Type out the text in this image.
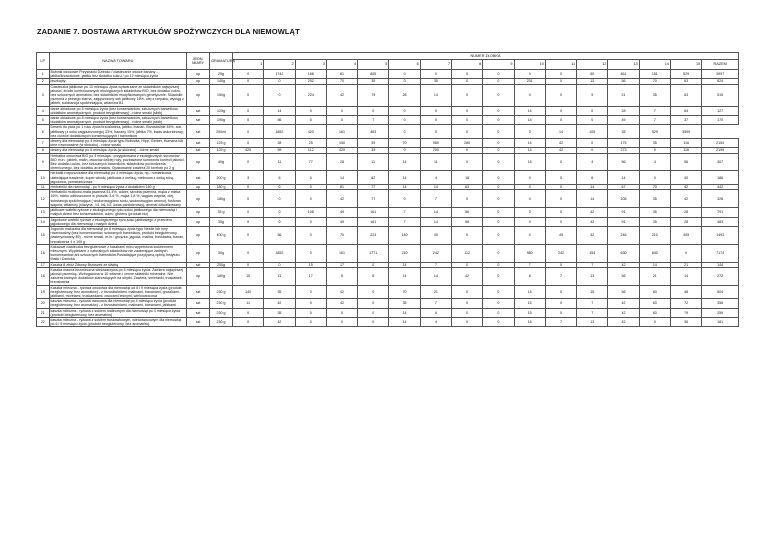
ZADANIE 7. DOSTAWA ARTYKUŁÓW SPOŻYWCZYCH DLA NIEMOWLĄT
LP	NAZWA TOWARU	JEDN. MIARY	GRAMATURA	NUMER ŻŁOBKA															
				1	2	3	4	5	6	7	8	9	10	11	12	13	14	15	RAZEM
1	Bobinki owocowe Przysnacki Dziecko / ciastecznie owoce banany - jabłko/krzaczkowe -jabłko bez dodatku cukru / po 12 miesiącu życia	op	25g	0	1742	168	81	805	0	0	0	0	0	0	60	461	151	529	3997
2	biszkopty	op	140g	0	0	252	70	35	0	35	0	0	231	0	12	56	70	63	824
3	Ciasteczka jabłkowe po 10 miesiącu życia wytwarzane ze składników najwyższej jakości, źródło kontrolowanych ekologicznych składników BIO, bez dodatku cukru, bez sztucznych aromatów, bez składników modyfikowanych genetycznie. Składniki: pszenna z pełnego ziarna, zagęszczony sok jabłkowy 18%, olej z rzepaku, wyciąg z jabłek, substancja spulchniająca, witamina B1	op	150g	0	0	224	42	79	28	14	0	0	0	0	9	21	35	63	515
4	danie obiadowe po 5 miesiącu życia (bez konserwantów, sztucznych barwników, dodatków aromatycznych, produkt bezglutenowy) - różne smaki (słoik)	szt	125g	0	14	0	0	0	0	0	0	0	14	0	0	28	7	64	127
5	danie obiadowe po 8 miesiącu życia (bez konserwantów, sztucznych barwników, dodatków aromatycznych, produkt bezglutenowy) - różne smaki (słoik)	szt	190g	0	56	0	0	7	0	0	0	0	14	0	0	49	7	37	170
6	Deserk do picia po 1 roku życia brzoskwinia, jabłko i banan. Brzoskwinie 45%, sok jabłkowy (z soku zagęszczonego) 33%, banany 15%, jabłka 7%, kwas askorbinowy; bez cukrów dodatkowych konserwujących i barwników	szt	200ml	0	1852	420	161	483	0	0	0	0	0	14	105	35	529	3599	
7	desery dla niemowląt po 4 miesiącu życia typu Bobovita, Hipp, Gerber, Humana lub inne równoważne (w słoiczku) - różne smaki	szt	125 g	0	28	25	150	39	70	980	280	0	14	42	0	175	35	116	2154
8	desery dla niemowląt po 6 miesiącu życia (w słoiczku) - różne smaki	szt	125 g	420	59	112	420	39	0	700	0	0	14	42	0	273	0	116	2195
9	Herbatka owocowa BIO po 4 miesiącu -przygotowana z ekologicznych surowców BIO m.in.: jabłek, malin, owoców dzikiej róży, pozbawione surowców kontroli jakości. Bez dodatku cukru, bez sztucznych barwników, składników pochodzenia chemicznego, bez dodatku aromatów. Opakowanie zawiera 20 torebek po 2 g	op	40g	0	11	77	28	11	14	11	0	0	15	0	4	56	4	56	307
10	herbatki rozpuszczalne dla niemowląt po 4 miesiącu życia, np.: rumiankowa, ułatwiająca trawienie, koper włoski, jabłkowa z melisą, melisowa z dziką różą, jagodowa, pomarańczowa	szt	200 g	3	6	0	14	62	14	4	18	0	0	5	6	14	0	40	186
11	Herbatniki dla niemowląt - po 9 miesiącu życia z dodatkiem 180 g	op	180 g	0	0	0	81	77	14	14	63	0	0	0	14	67	70	42	442
12	Herbatniki mutilowo-mała pszenna 51,4%, cukier, skrobia pszenna, mąka z mleka 16%, mleko odtłuszczone w proszku 3,6 %, mąka 1,8 %, węglan wapnia, olej, substancja spulchniająca ( wodorowęglanu sodu, wodorowęglan amonu), fosforan wapnia, witaminy (niacyna , b1, b6, b2, kwas pantotenowy), aromat dźtualizowany	op	180g	0	0	0	42	77	0	7	0	0	0	0	14	108	35	42	326
13	jabłkowe wafelki ryżowe z ekologicznego ryżu,sokiu jabłkowego dla niemowląt i małych dzieci bez konserwantów, cukru, glutenu (produkt bio)	op	35 g	0	0	108	49	161	7	14	56	0	0	0	42	91	35	28	791
14	Jagodowe wafelki ryżowe z ekologicznego ryżu,soku jabłkowego z przecieru jagodowego dla niemowląt i małych dzieci	op	35g	0	0	0	49	161	7	14	56	0	0	0	42	91	35	28	483
15	Jogurcik maluszka dla niemowląt po 6 miesiącu życia typu Nestle lub inny równoważny (bez konserwantów, sztucznych barwników, produkt bezglutenowy, pasteryzowany 85) - różne smaki, m.in.: gruszka, jagoda, malina, truskawka, banan, brzoskwinia 4 x 100 g	op	400 g	0	56	0	70	224	140	49	0	0	0	49	42	246	210	405	1493
16	Kakaowe ciasteczka bezglutenowe z kaszkami mixu wypełniona kodziennem mlecznym. Wypiekane z naturalnych składników nie zawierające żadnych konserwantów ani sztucznych barwników.Posiadające pozytywną opinię Instytutu Matki i Dziecka	op	30g	0	1852	0	161	1771	210	242	112	0	980	242	154	630	840	0	7174
17	Kaszka 8 zbóż Zdrowy Brzuszek ze śliwką	szt	250g	0	0	15	17	0	14	7	0	0	7	0	7	42	14	21	144
18	Kaszka manna bezmleczna wielowarzywa po 6 miesiącu życia. Zawiera najwyższej jakości pszenicę. Wzbogacona w 10 witamin i cenne składniki mineralne. Nie zawiera żadnych dodatków stanowiących na ubytki. Zawiera, śmietanki, truskawek, brzoskwinia	op	180g	10	11	17	8	8	14	14	42	0	8	7	13	56	21	14	272
19	Kaszka mleczna - ryżowa owocowa dla niemowląt od 6 i 9 miesiąca życia (produkt bezglutenowy, bez aromatów) - z brzoskwiniami, malinami, bananami, gruszkami, jabłkami, morelami, truskawkami, owocami leśnymi, wieloowocowa	szt	230 g	140	35	0	42	0	70	21	0	0	15	0	15	56	63	48	504
20	kaszka mleczno - ryżowa owocowa dla niemowląt po 4 miesiącu życia (produkt bezglutenowy, bez aromatów) - z brzoskwiniami, malinami, bananami, jabłkami	szt	230 g	11	42	0	42	0	35	7	0	0	15	0	7	42	63	72	356
21	kaszka mleczna - ryżowa z sokiem malinowym dla niemowląt po 4 miesiącu życia (produkt bezglutenowy, bez aromatów)	szt	230 g	0	35	0	0	0	14	4	0	0	15	0	7	42	63	79	259
22	kaszka mleczno - ryżowa z sokiem truskawkowym, wieloowocowym dla niemowląt po 6 i 9 miesiącu życia (produkt bezglutenowy, bez aromatów)	szt	230 g	0	42	0	0	0	14	4	0	0	15	7	13	42	0	36	181
